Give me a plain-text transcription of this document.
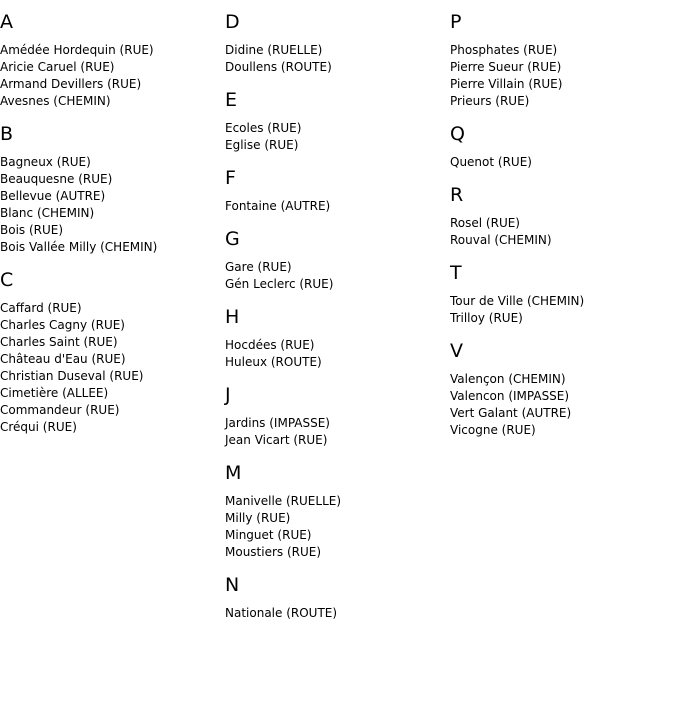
A
Amédée Hordequin (RUE)
Aricie Caruel (RUE)
Armand Devillers (RUE)
Avesnes (CHEMIN)
B
Bagneux (RUE)
Beauquesne (RUE)
Bellevue (AUTRE)
Blanc (CHEMIN)
Bois (RUE)
Bois Vallée Milly (CHEMIN)
C
Caffard (RUE)
Charles Cagny (RUE)
Charles Saint (RUE)
Château d'Eau (RUE)
Christian Duseval (RUE)
Cimetière (ALLEE)
Commandeur (RUE)
Créqui (RUE)
D
Didine (RUELLE)
Doullens (ROUTE)
E
Ecoles (RUE)
Eglise (RUE)
F
Fontaine (AUTRE)
G
Gare (RUE)
Gén Leclerc (RUE)
H
Hocdées (RUE)
Huleux (ROUTE)
J
Jardins (IMPASSE)
Jean Vicart (RUE)
M
Manivelle (RUELLE)
Milly (RUE)
Minguet (RUE)
Moustiers (RUE)
N
Nationale (ROUTE)
P
Phosphates (RUE)
Pierre Sueur (RUE)
Pierre Villain (RUE)
Prieurs (RUE)
Q
Quenot (RUE)
R
Rosel (RUE)
Rouval (CHEMIN)
T
Tour de Ville (CHEMIN)
Trilloy (RUE)
V
Valençon (CHEMIN)
Valencon (IMPASSE)
Vert Galant (AUTRE)
Vicogne (RUE)
